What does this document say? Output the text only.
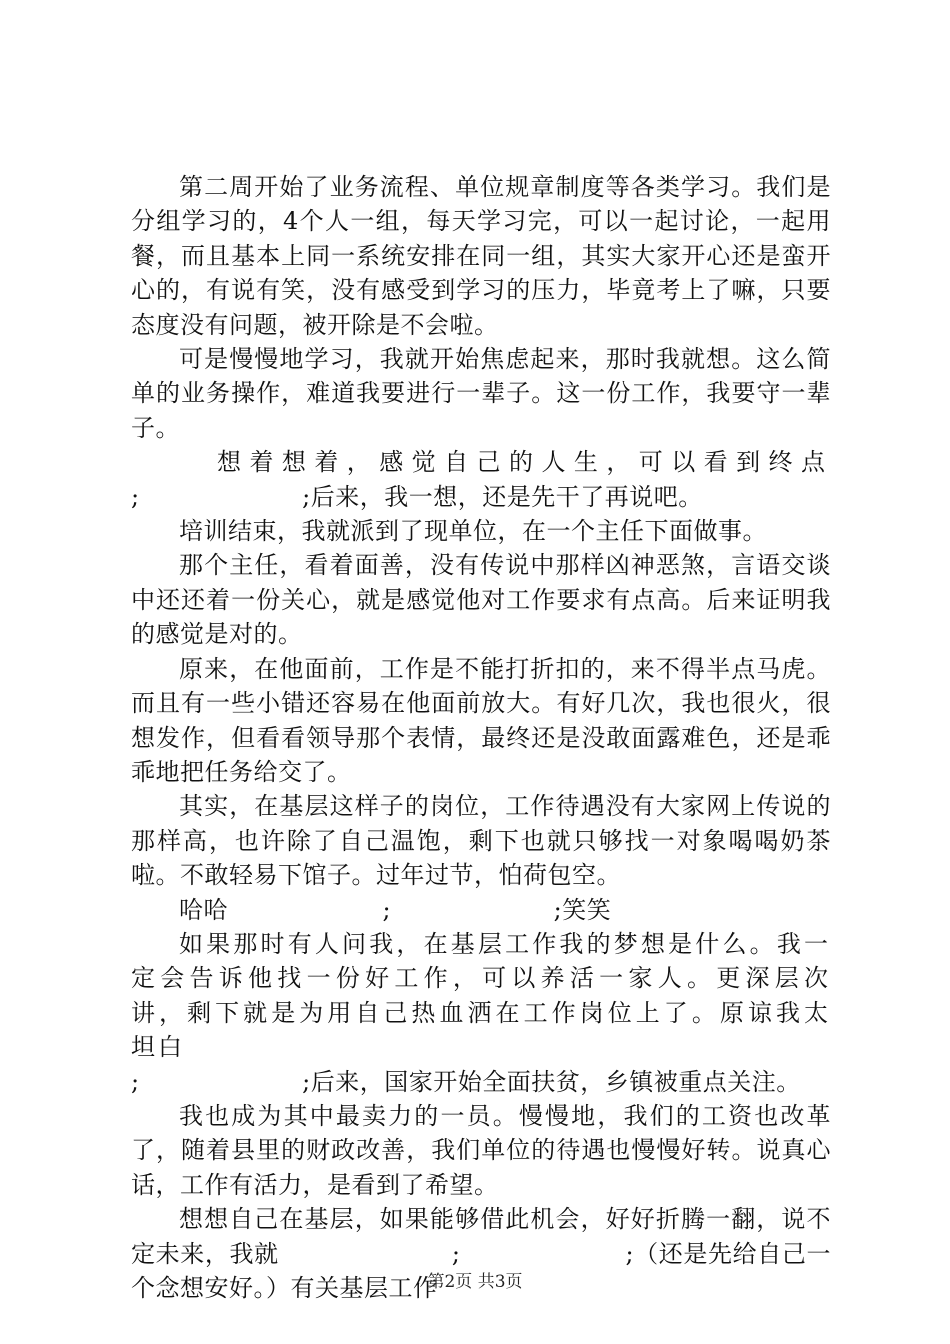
第二周开始了业务流程、单位规章制度等各类学习。我们是分组学习的，4个人一组，每天学习完，可以一起讨论，一起用餐，而且基本上同一系统安排在同一组，其实大家开心还是蛮开心的，有说有笑，没有感受到学习的压力，毕竟考上了嘛，只要态度没有问题，被开除是不会啦。

可是慢慢地学习，我就开始焦虑起来，那时我就想。这么简单的业务操作，难道我要进行一辈子。这一份工作，我要守一辈子。

想着想着，感觉自己的人生，可以看到终点

;	;后来，我一想，还是先干了再说吧。

培训结束，我就派到了现单位，在一个主任下面做事。

那个主任，看着面善，没有传说中那样凶神恶煞，言语交谈中还还着一份关心，就是感觉他对工作要求有点高。后来证明我的感觉是对的。

原来，在他面前，工作是不能打折扣的，来不得半点马虎。而且有一些小错还容易在他面前放大。有好几次，我也很火，很想发作，但看看领导那个表情，最终还是没敢面露难色，还是乖乖地把任务给交了。

其实，在基层这样子的岗位，工作待遇没有大家网上传说的那样高，也许除了自己温饱，剩下也就只够找一对象喝喝奶茶啦。不敢轻易下馆子。过年过节，怕荷包空。

哈哈	;	;笑笑

如果那时有人问我，在基层工作我的梦想是什么。我一定会告诉他找一份好工作，可以养活一家人。更深层次讲，剩下就是为用自己热血洒在工作岗位上了。原谅我太坦白

;	;后来，国家开始全面扶贫，乡镇被重点关注。

我也成为其中最卖力的一员。慢慢地，我们的工资也改革了，随着县里的财政改善，我们单位的待遇也慢慢好转。说真心话，工作有活力，是看到了希望。

想想自己在基层，如果能够借此机会，好好折腾一翻，说不定未来，我就	;	;（还是先给自己一个念想安好。）有关基层工作

第2页 共3页
